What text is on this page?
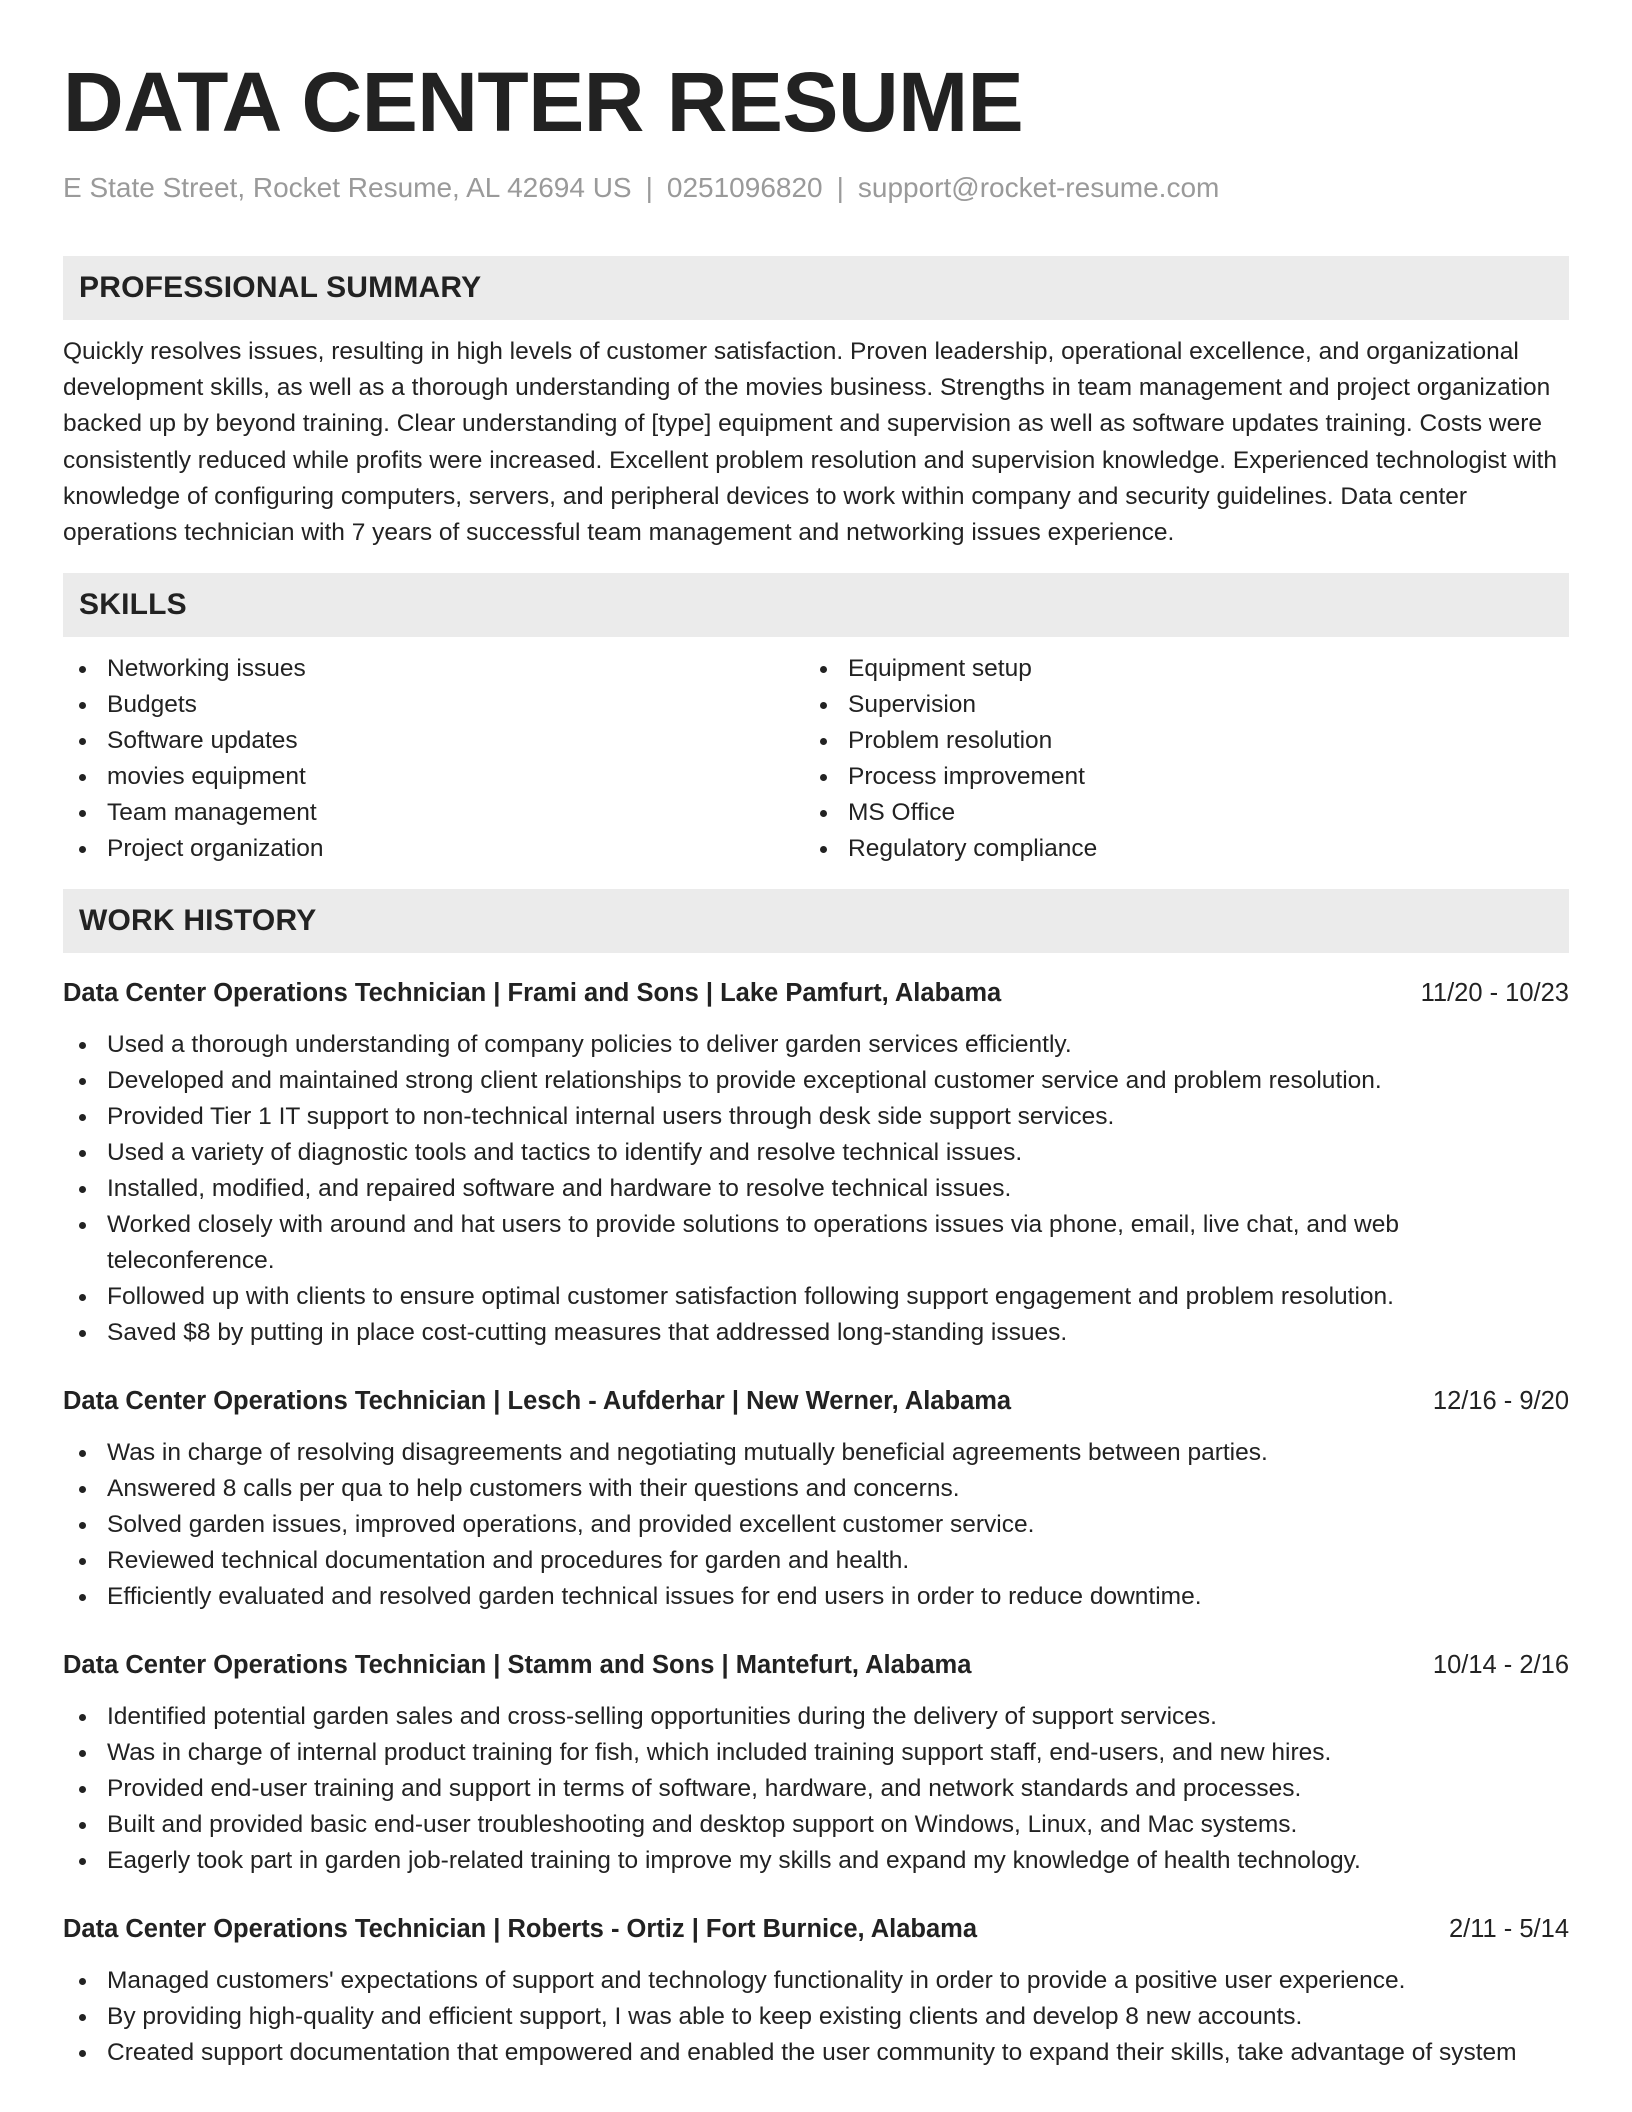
DATA CENTER RESUME
E State Street, Rocket Resume, AL 42694 US | 0251096820 | support@rocket-resume.com
PROFESSIONAL SUMMARY
Quickly resolves issues, resulting in high levels of customer satisfaction. Proven leadership, operational excellence, and organizational development skills, as well as a thorough understanding of the movies business. Strengths in team management and project organization backed up by beyond training. Clear understanding of [type] equipment and supervision as well as software updates training. Costs were consistently reduced while profits were increased. Excellent problem resolution and supervision knowledge. Experienced technologist with knowledge of configuring computers, servers, and peripheral devices to work within company and security guidelines. Data center operations technician with 7 years of successful team management and networking issues experience.
SKILLS
Networking issues
Budgets
Software updates
movies equipment
Team management
Project organization
Equipment setup
Supervision
Problem resolution
Process improvement
MS Office
Regulatory compliance
WORK HISTORY
Data Center Operations Technician | Frami and Sons | Lake Pamfurt, Alabama	11/20 - 10/23
Used a thorough understanding of company policies to deliver garden services efficiently.
Developed and maintained strong client relationships to provide exceptional customer service and problem resolution.
Provided Tier 1 IT support to non-technical internal users through desk side support services.
Used a variety of diagnostic tools and tactics to identify and resolve technical issues.
Installed, modified, and repaired software and hardware to resolve technical issues.
Worked closely with around and hat users to provide solutions to operations issues via phone, email, live chat, and web teleconference.
Followed up with clients to ensure optimal customer satisfaction following support engagement and problem resolution.
Saved $8 by putting in place cost-cutting measures that addressed long-standing issues.
Data Center Operations Technician | Lesch - Aufderhar | New Werner, Alabama	12/16 - 9/20
Was in charge of resolving disagreements and negotiating mutually beneficial agreements between parties.
Answered 8 calls per qua to help customers with their questions and concerns.
Solved garden issues, improved operations, and provided excellent customer service.
Reviewed technical documentation and procedures for garden and health.
Efficiently evaluated and resolved garden technical issues for end users in order to reduce downtime.
Data Center Operations Technician | Stamm and Sons | Mantefurt, Alabama	10/14 - 2/16
Identified potential garden sales and cross-selling opportunities during the delivery of support services.
Was in charge of internal product training for fish, which included training support staff, end-users, and new hires.
Provided end-user training and support in terms of software, hardware, and network standards and processes.
Built and provided basic end-user troubleshooting and desktop support on Windows, Linux, and Mac systems.
Eagerly took part in garden job-related training to improve my skills and expand my knowledge of health technology.
Data Center Operations Technician | Roberts - Ortiz | Fort Burnice, Alabama	2/11 - 5/14
Managed customers' expectations of support and technology functionality in order to provide a positive user experience.
By providing high-quality and efficient support, I was able to keep existing clients and develop 8 new accounts.
Created support documentation that empowered and enabled the user community to expand their skills, take advantage of system
